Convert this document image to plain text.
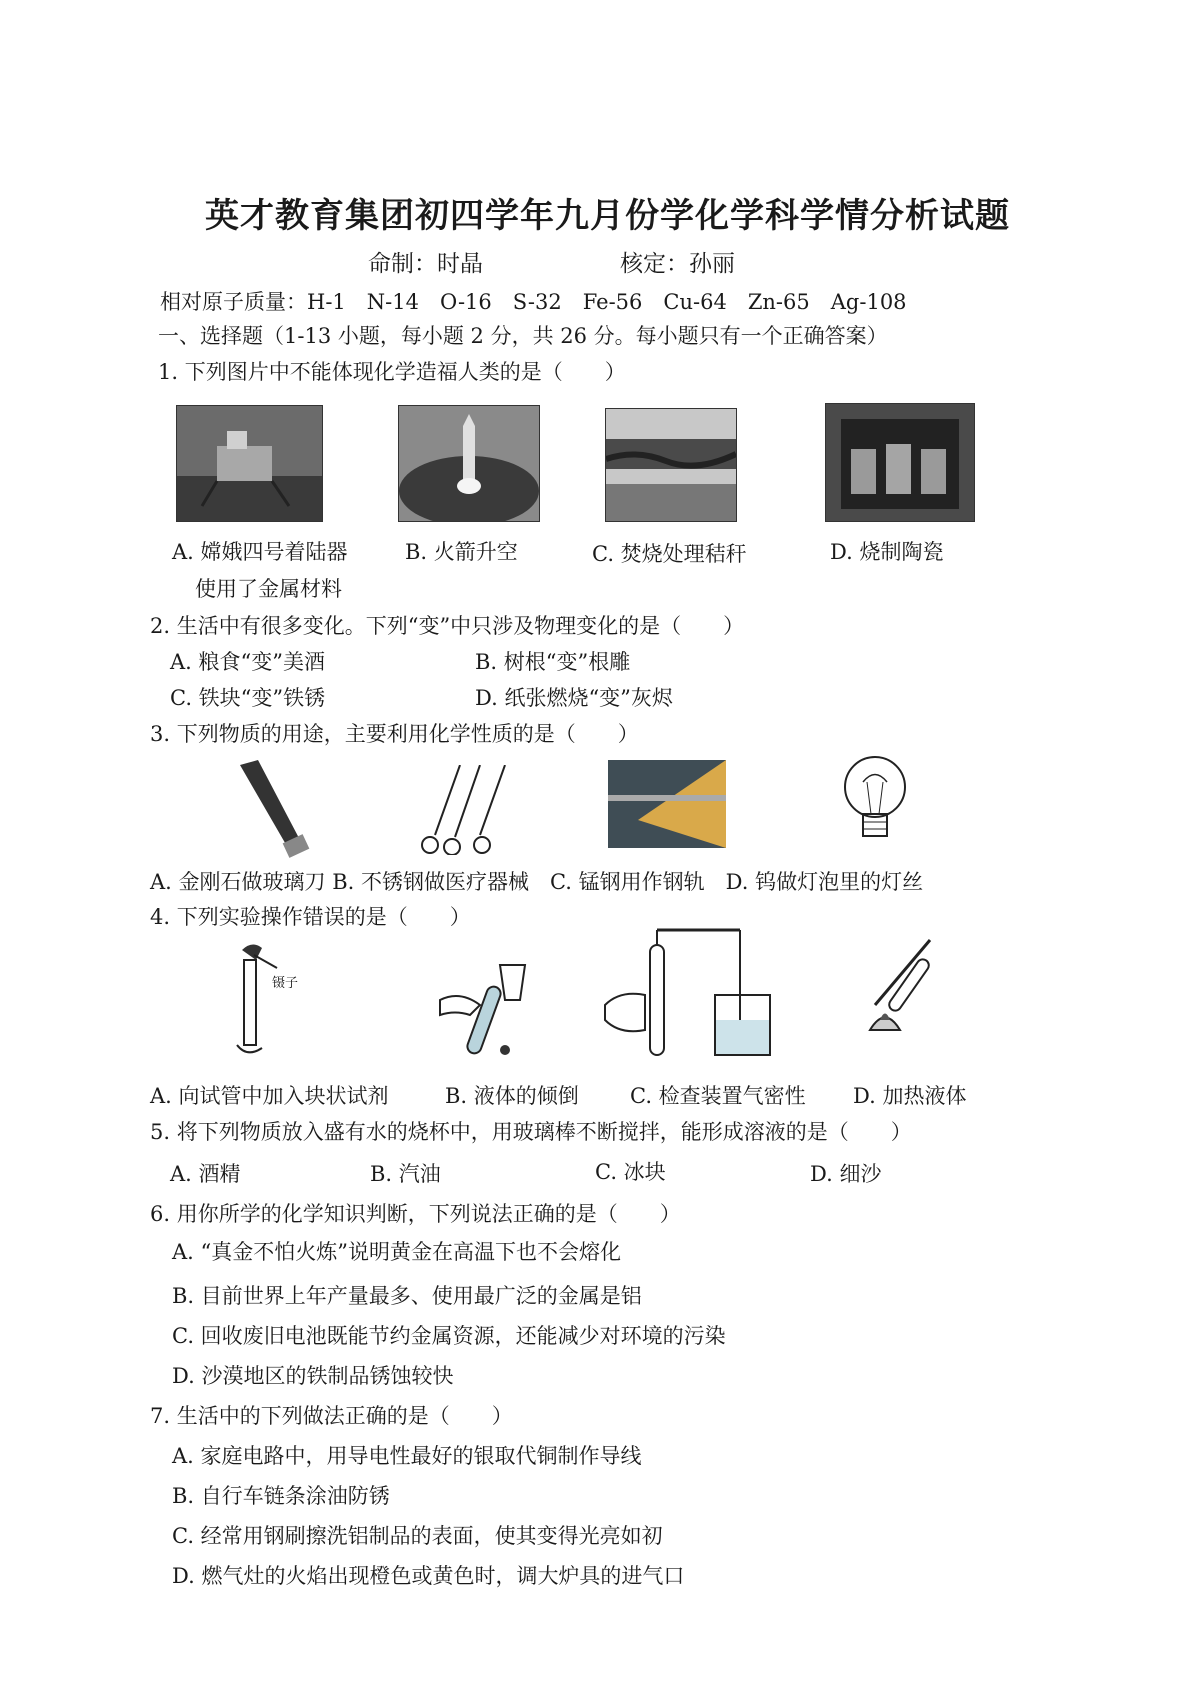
英才教育集团初四学年九月份学化学科学情分析试题
命制：时晶	核定：孙丽
相对原子质量：H-1　N-14　O-16　S-32　Fe-56　Cu-64　Zn-65　Ag-108
一、选择题（1-13 小题，每小题 2 分，共 26 分。每小题只有一个正确答案）
1. 下列图片中不能体现化学造福人类的是（　　）
A. 嫦娥四号着陆器
使用了金属材料
B. 火箭升空	C. 焚烧处理秸秆	D. 烧制陶瓷
2. 生活中有很多变化。下列“变”中只涉及物理变化的是（　　）
A. 粮食“变”美酒	B. 树根“变”根雕
C. 铁块“变”铁锈	D. 纸张燃烧“变”灰烬
3. 下列物质的用途，主要利用化学性质的是（　　）
A. 金刚石做玻璃刀 B. 不锈钢做医疗器械　C. 锰钢用作钢轨　D. 钨做灯泡里的灯丝
4. 下列实验操作错误的是（　　）
镊子
A. 向试管中加入块状试剂	B. 液体的倾倒 C. 检查装置气密性 D. 加热液体
5. 将下列物质放入盛有水的烧杯中，用玻璃棒不断搅拌，能形成溶液的是（　　）
A. 酒精	B. 汽油	C. 冰块	D. 细沙
6. 用你所学的化学知识判断，下列说法正确的是（　　）
A. “真金不怕火炼”说明黄金在高温下也不会熔化
B. 目前世界上年产量最多、使用最广泛的金属是铝
C. 回收废旧电池既能节约金属资源，还能减少对环境的污染
D. 沙漠地区的铁制品锈蚀较快
7. 生活中的下列做法正确的是（　　）
A. 家庭电路中，用导电性最好的银取代铜制作导线
B. 自行车链条涂油防锈
C. 经常用钢刷擦洗铝制品的表面，使其变得光亮如初
D. 燃气灶的火焰出现橙色或黄色时，调大炉具的进气口
